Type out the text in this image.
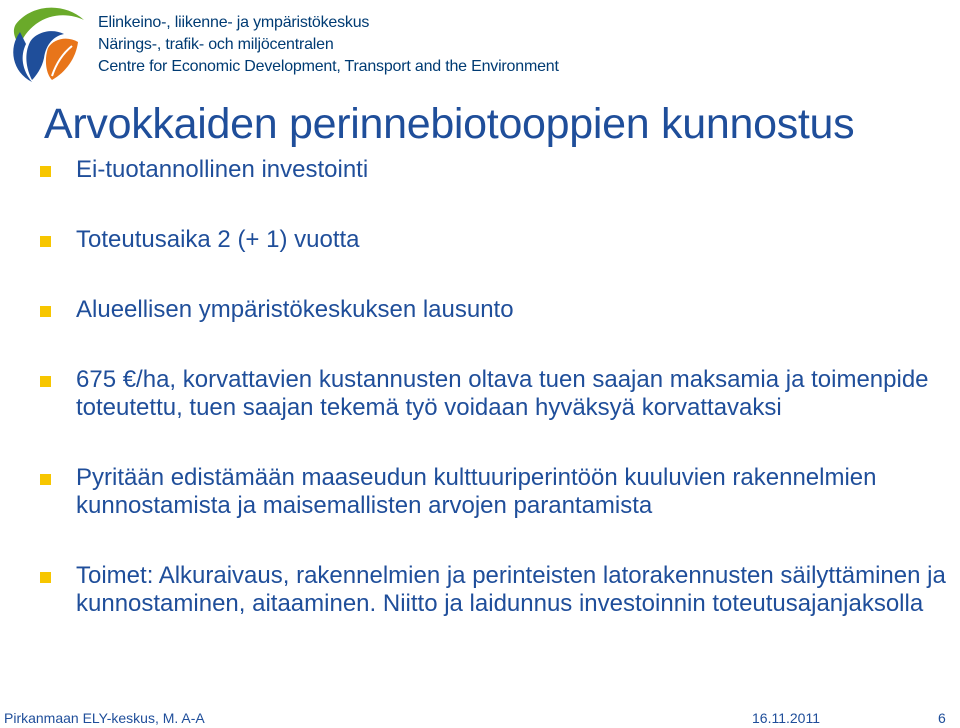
Elinkeino-, liikenne- ja ympäristökeskus
Närings-, trafik- och miljöcentralen
Centre for Economic Development, Transport and the Environment
Arvokkaiden perinnebiotooppien kunnostus
Ei-tuotannollinen investointi
Toteutusaika 2 (+ 1) vuotta
Alueellisen ympäristökeskuksen lausunto
675 €/ha, korvattavien kustannusten oltava tuen saajan maksamia ja toimenpide toteutettu, tuen saajan tekemä työ voidaan hyväksyä korvattavaksi
Pyritään edistämään maaseudun kulttuuriperintöön kuuluvien rakennelmien kunnostamista ja maisemallisten arvojen parantamista
Toimet: Alkuraivaus, rakennelmien ja perinteisten latorakennusten säilyttäminen ja kunnostaminen, aitaaminen. Niitto ja laidunnus investoinnin toteutusajanjaksolla
Pirkanmaan ELY-keskus, M. A-A	16.11.2011	6
